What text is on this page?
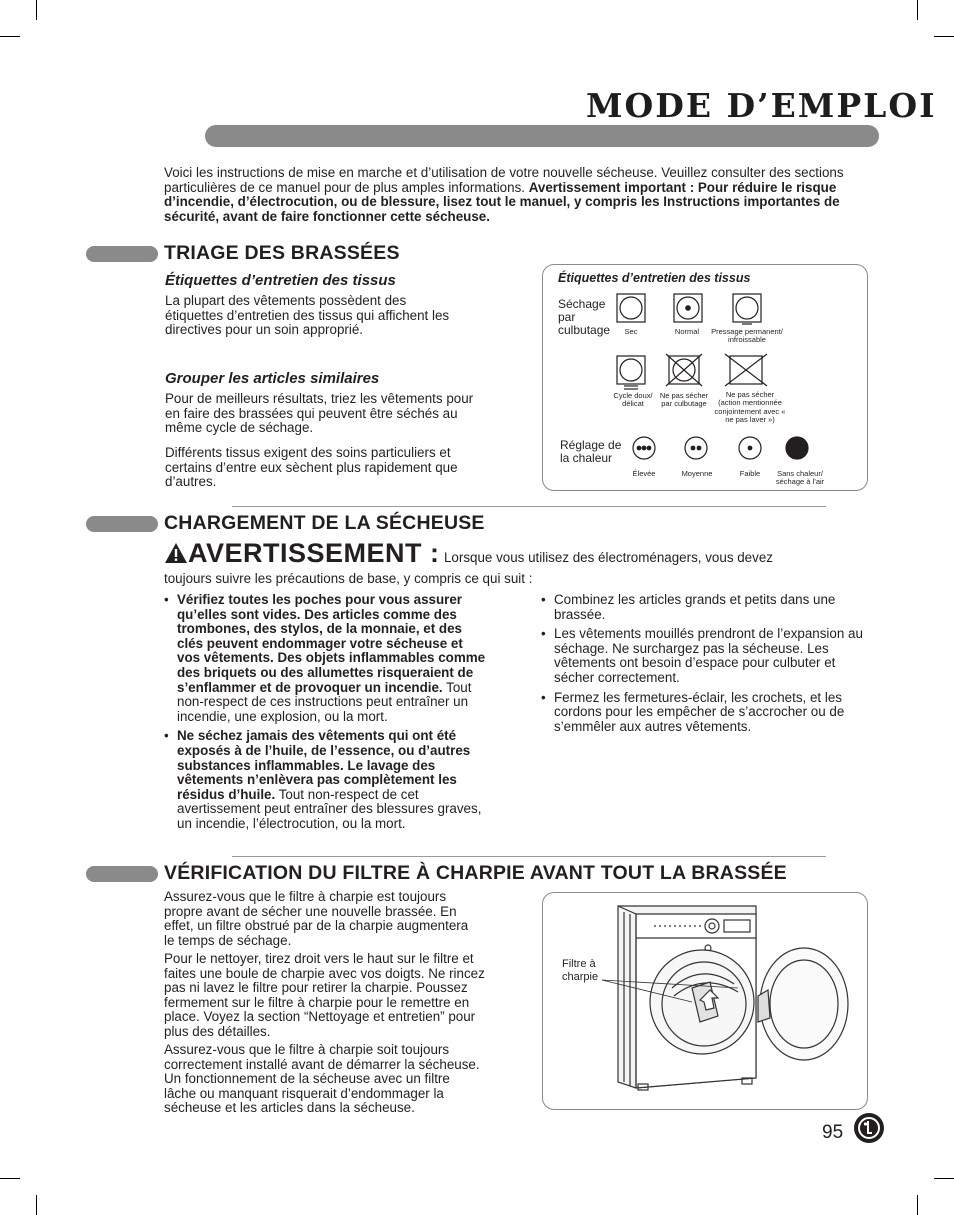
MODE D’EMPLOI
Voici les instructions de mise en marche et d’utilisation de votre nouvelle sécheuse. Veuillez consulter des sections particulières de ce manuel pour de plus amples informations. Avertissement important : Pour réduire le risque d’incendie, d’électrocution, ou de blessure, lisez tout le manuel, y compris les Instructions importantes de sécurité, avant de faire fonctionner cette sécheuse.
TRIAGE DES BRASSÉES
Étiquettes d’entretien des tissus
La plupart des vêtements possèdent des étiquettes d’entretien des tissus qui affichent les directives pour un soin approprié.
Grouper les articles similaires
Pour de meilleurs résultats, triez les vêtements pour en faire des brassées qui peuvent être séchés au même cycle de séchage.
Différents tissus exigent des soins particuliers et certains d’entre eux sèchent plus rapidement que d’autres.
Étiquettes d’entretien des tissus
Séchage par culbutage	Sec	Normal	Pressage permanent/ infroissable
Cycle doux/ délicat
Ne pas sécher par culbutage
Ne pas sécher (action mentionnée conjointement avec « ne pas laver »)
Réglage de la chaleur
Élevée	Moyenne	Faible	Sans chaleur/ séchage à l’air
CHARGEMENT DE LA SÉCHEUSE
AVERTISSEMENT : Lorsque vous utilisez des électroménagers, vous devez
toujours suivre les précautions de base, y compris ce qui suit :
• Vérifiez toutes les poches pour vous assurer qu’elles sont vides. Des articles comme des trombones, des stylos, de la monnaie, et des clés peuvent endommager votre sécheuse et vos vêtements. Des objets inflammables comme des briquets ou des allumettes risqueraient de s’enflammer et de provoquer un incendie. Tout non-respect de ces instructions peut entraîner un incendie, une explosion, ou la mort.
• Ne séchez jamais des vêtements qui ont été exposés à de l’huile, de l’essence, ou d’autres substances inflammables. Le lavage des vêtements n’enlèvera pas complètement les résidus d’huile. Tout non-respect de cet avertissement peut entraîner des blessures graves, un incendie, l’électrocution, ou la mort.
• Combinez les articles grands et petits dans une brassée.
• Les vêtements mouillés prendront de l’expansion au séchage. Ne surchargez pas la sécheuse. Les vêtements ont besoin d’espace pour culbuter et sécher correctement.
• Fermez les fermetures-éclair, les crochets, et les cordons pour les empêcher de s’accrocher ou de s’emmêler aux autres vêtements.
VÉRIFICATION DU FILTRE À CHARPIE AVANT TOUT LA BRASSÉE
Assurez-vous que le filtre à charpie est toujours propre avant de sécher une nouvelle brassée. En effet, un filtre obstrué par de la charpie augmentera le temps de séchage.
Pour le nettoyer, tirez droit vers le haut sur le filtre et faites une boule de charpie avec vos doigts. Ne rincez pas ni lavez le filtre pour retirer la charpie. Poussez fermement sur le filtre à charpie pour le remettre en place. Voyez la section “Nettoyage et entretien” pour plus des détailles.
Assurez-vous que le filtre à charpie soit toujours correctement installé avant de démarrer la sécheuse. Un fonctionnement de la sécheuse avec un filtre lâche ou manquant risquerait d’endommager la sécheuse et les articles dans la sécheuse.
Filtre à charpie
95
